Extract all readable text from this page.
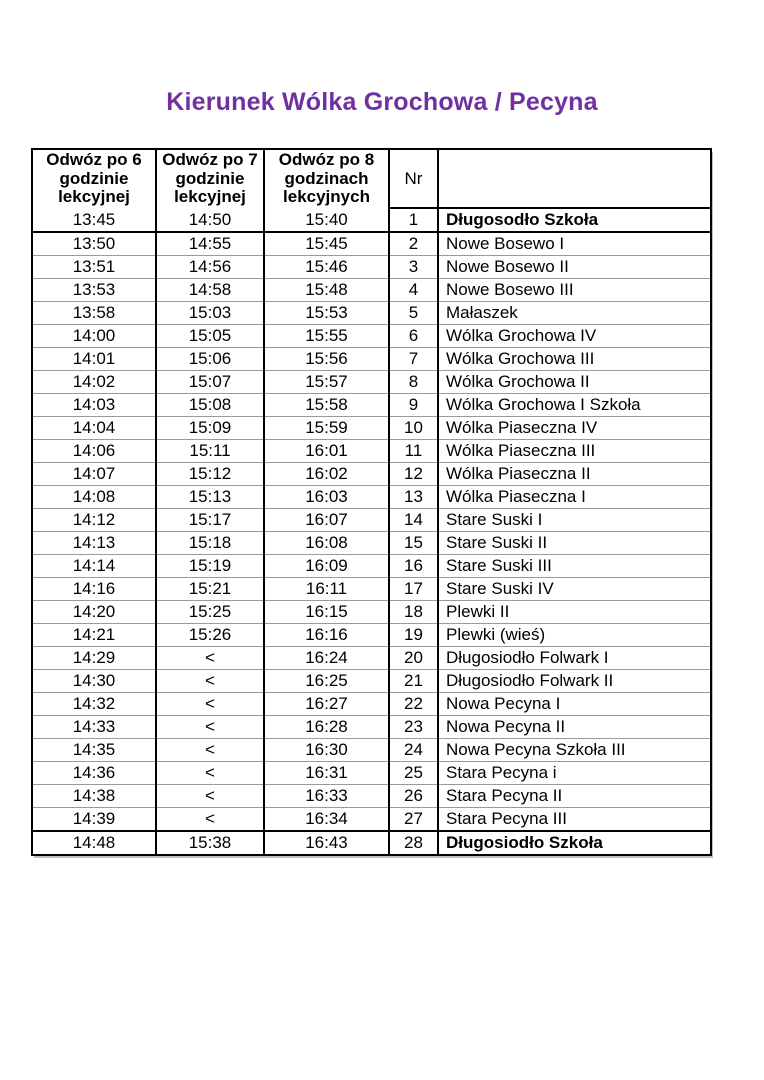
Kierunek Wólka Grochowa / Pecyna
Odwóz po 6 godzinie lekcyjnej	Odwóz po 7 godzinie lekcyjnej	Odwóz po 8 godzinach lekcyjnych	Nr	
13:45	14:50	15:40	1	Długosodło Szkoła
13:50	14:55	15:45	2	Nowe Bosewo I
13:51	14:56	15:46	3	Nowe Bosewo II
13:53	14:58	15:48	4	Nowe Bosewo III
13:58	15:03	15:53	5	Małaszek
14:00	15:05	15:55	6	Wólka Grochowa IV
14:01	15:06	15:56	7	Wólka Grochowa III
14:02	15:07	15:57	8	Wólka Grochowa II
14:03	15:08	15:58	9	Wólka Grochowa I Szkoła
14:04	15:09	15:59	10	Wólka Piaseczna IV
14:06	15:11	16:01	11	Wólka Piaseczna III
14:07	15:12	16:02	12	Wólka Piaseczna II
14:08	15:13	16:03	13	Wólka Piaseczna I
14:12	15:17	16:07	14	Stare Suski I
14:13	15:18	16:08	15	Stare Suski II
14:14	15:19	16:09	16	Stare Suski III
14:16	15:21	16:11	17	Stare Suski IV
14:20	15:25	16:15	18	Plewki II
14:21	15:26	16:16	19	Plewki (wieś)
14:29	<	16:24	20	Długosiodło Folwark I
14:30	<	16:25	21	Długosiodło Folwark II
14:32	<	16:27	22	Nowa Pecyna I
14:33	<	16:28	23	Nowa Pecyna II
14:35	<	16:30	24	Nowa Pecyna Szkoła III
14:36	<	16:31	25	Stara Pecyna i
14:38	<	16:33	26	Stara Pecyna II
14:39	<	16:34	27	Stara Pecyna III
14:48	15:38	16:43	28	Długosiodło Szkoła
